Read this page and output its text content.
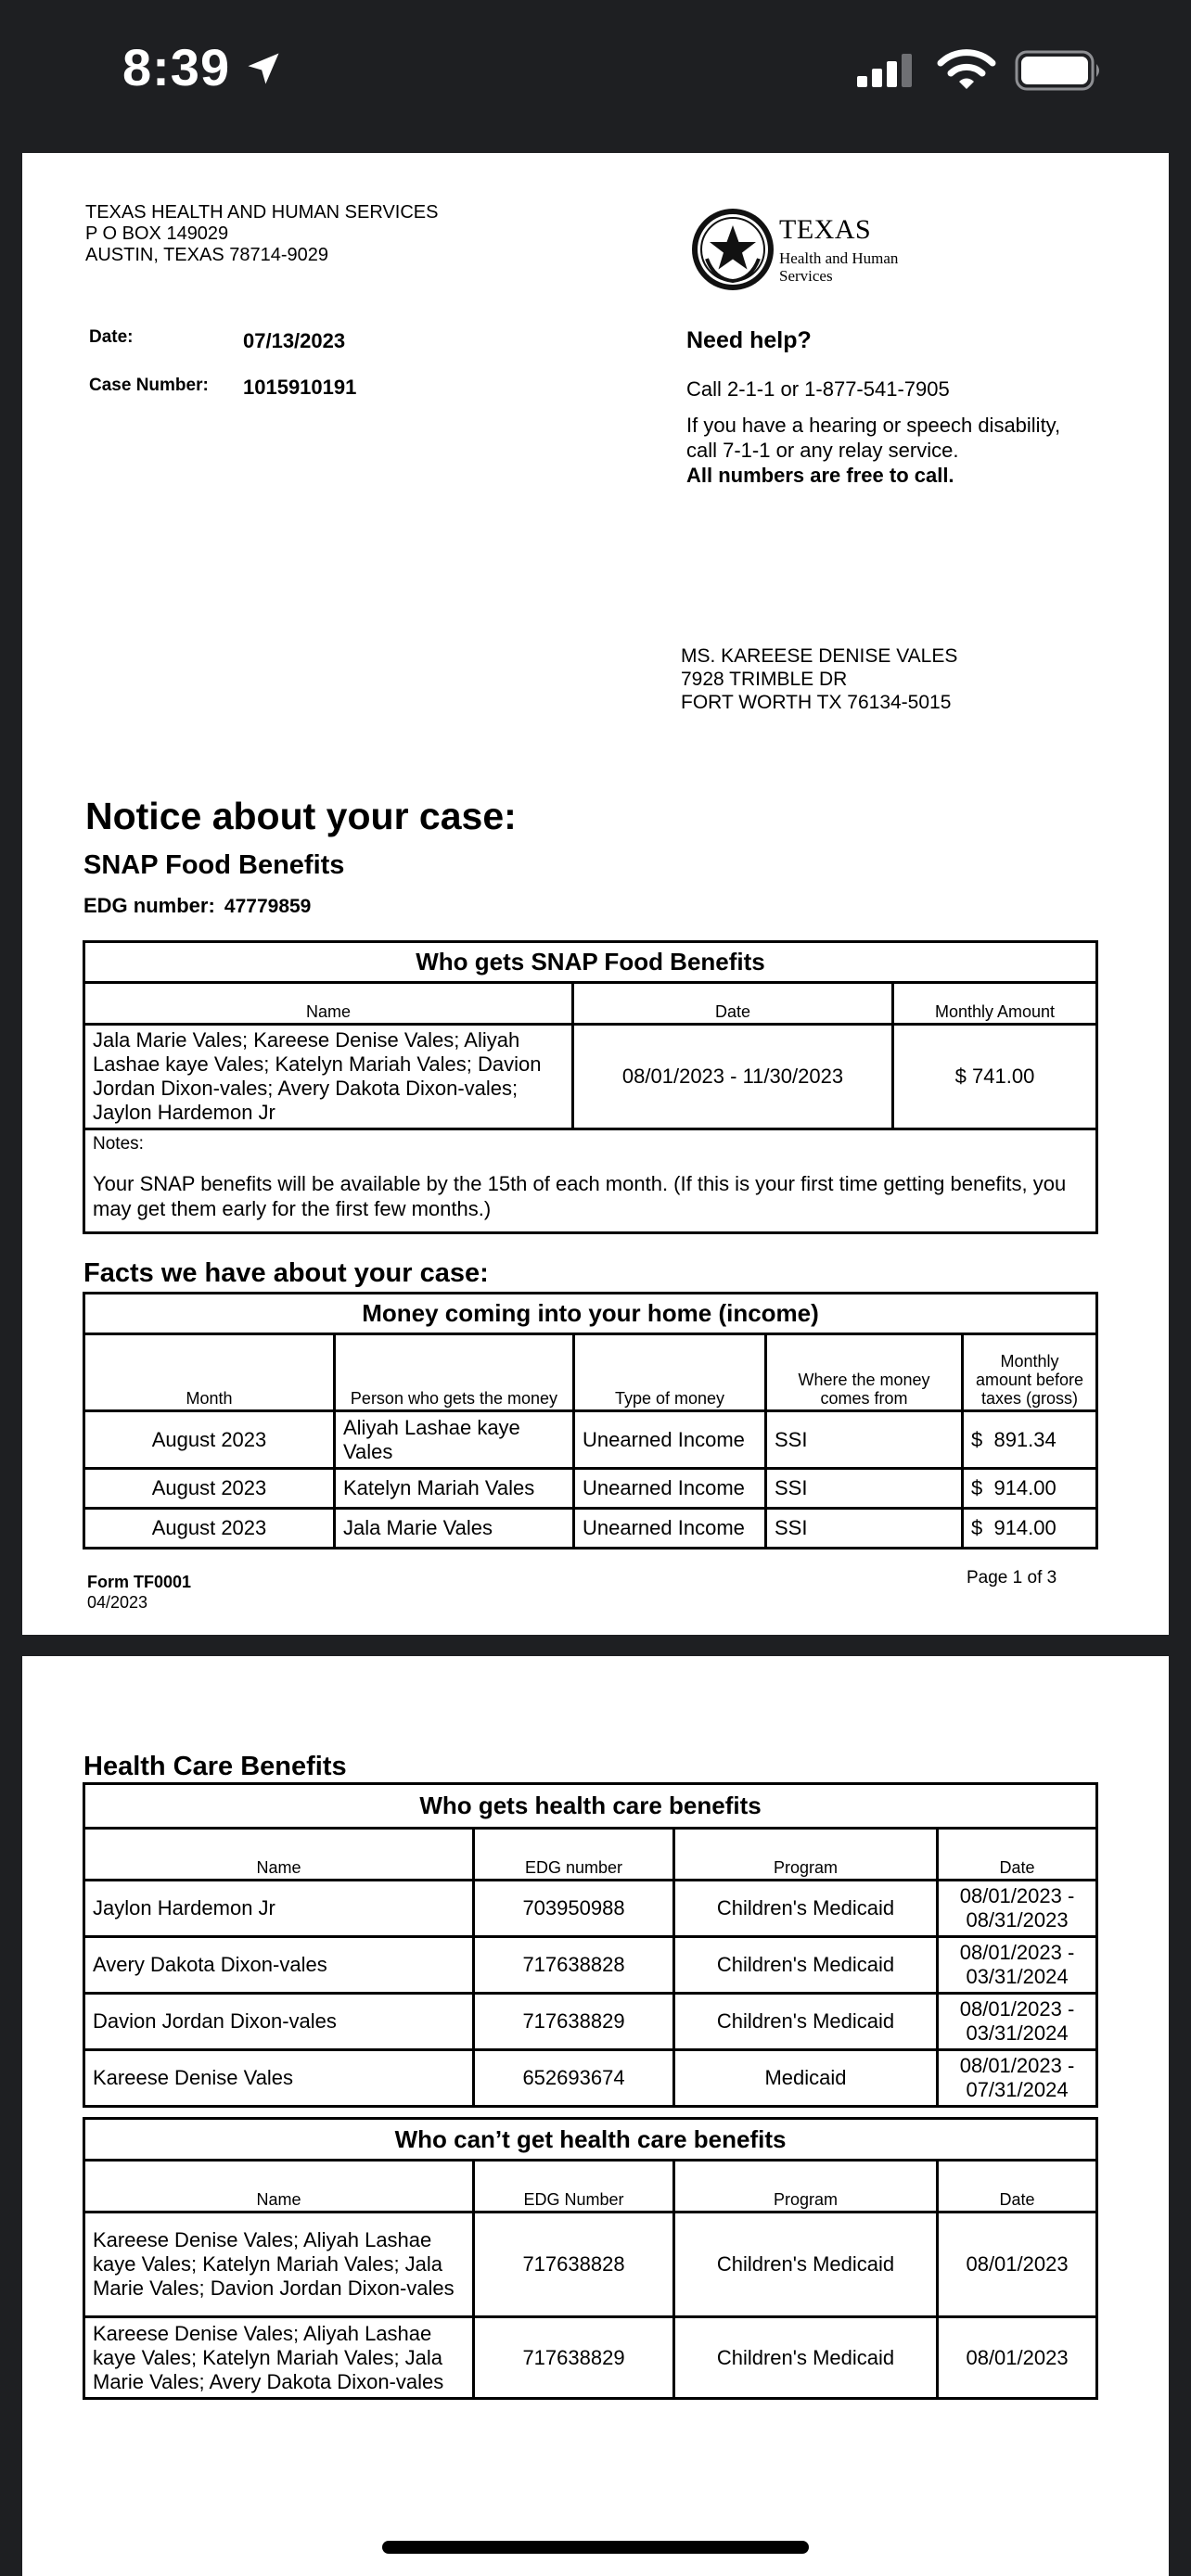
8:39
TEXAS HEALTH AND HUMAN SERVICES
P O BOX 149029
AUSTIN, TEXAS 78714-9029
TEXAS
Health and Human
Services
Date:	07/13/2023
Case Number: 1015910191
Need help?
Call 2-1-1 or 1-877-541-7905
If you have a hearing or speech disability,
call 7-1-1 or any relay service.
All numbers are free to call.
MS. KAREESE DENISE VALES
7928 TRIMBLE DR
FORT WORTH TX 76134-5015
Notice about your case:
SNAP Food Benefits
EDG number: 47779859
Who gets SNAP Food Benefits		
Name	Date	Monthly Amount
Jala Marie Vales; Kareese Denise Vales; Aliyah Lashae kaye Vales; Katelyn Mariah Vales; Davion Jordan Dixon-vales; Avery Dakota Dixon-vales; Jaylon Hardemon Jr	08/01/2023 - 11/30/2023	$ 741.00

Notes:
Your SNAP benefits will be available by the 15th of each month. (If this is your first time getting benefits, you may get them early for the first few months.)		
Facts we have about your case:
Money coming into your home (income)				
Month	Person who gets the money	Type of money	Where the money comes from	Monthly amount before taxes (gross)
August 2023	Aliyah Lashae kaye Vales	Unearned Income	SSI	$  891.34
August 2023	Katelyn Mariah Vales	Unearned Income	SSI	$  914.00
August 2023	Jala Marie Vales	Unearned Income	SSI	$  914.00
Form TF0001
04/2023
Page 1 of 3
Health Care Benefits
Who gets health care benefits			
Name	EDG number	Program	Date
Jaylon Hardemon Jr	703950988	Children's Medicaid	08/01/2023 - 08/31/2023
Avery Dakota Dixon-vales	717638828	Children's Medicaid	08/01/2023 - 03/31/2024
Davion Jordan Dixon-vales	717638829	Children's Medicaid	08/01/2023 - 03/31/2024
Kareese Denise Vales	652693674	Medicaid	08/01/2023 - 07/31/2024
Who can’t get health care benefits			
Name	EDG Number	Program	Date
Kareese Denise Vales; Aliyah Lashae kaye Vales; Katelyn Mariah Vales; Jala Marie Vales; Davion Jordan Dixon-vales	717638828	Children's Medicaid	08/01/2023
Kareese Denise Vales; Aliyah Lashae kaye Vales; Katelyn Mariah Vales; Jala Marie Vales; Avery Dakota Dixon-vales	717638829	Children's Medicaid	08/01/2023
